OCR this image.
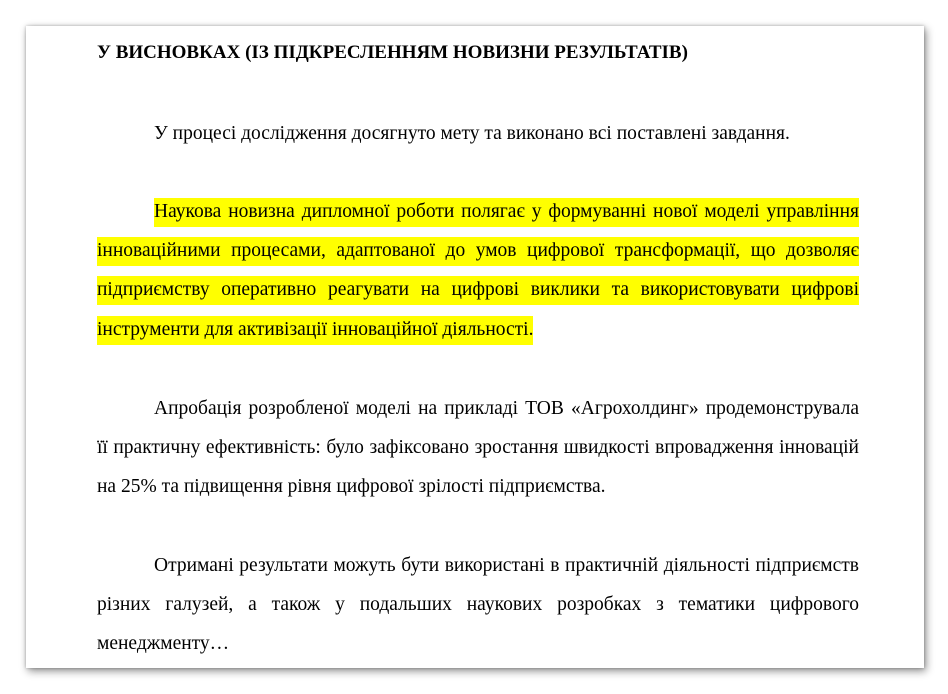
У ВИСНОВКАХ (ІЗ ПІДКРЕСЛЕННЯМ НОВИЗНИ РЕЗУЛЬТАТІВ)

У процесі дослідження досягнуто мету та виконано всі поставлені завдання.

Наукова новизна дипломної роботи полягає у формуванні нової моделі управління інноваційними процесами, адаптованої до умов цифрової трансформації, що дозволяє підприємству оперативно реагувати на цифрові виклики та використовувати цифрові інструменти для активізації інноваційної діяльності.

Апробація розробленої моделі на прикладі ТОВ «Агрохолдинг» продемонструвала її практичну ефективність: було зафіксовано зростання швидкості впровадження інновацій на 25% та підвищення рівня цифрової зрілості підприємства.

Отримані результати можуть бути використані в практичній діяльності підприємств різних галузей, а також у подальших наукових розробках з тематики цифрового менеджменту…
